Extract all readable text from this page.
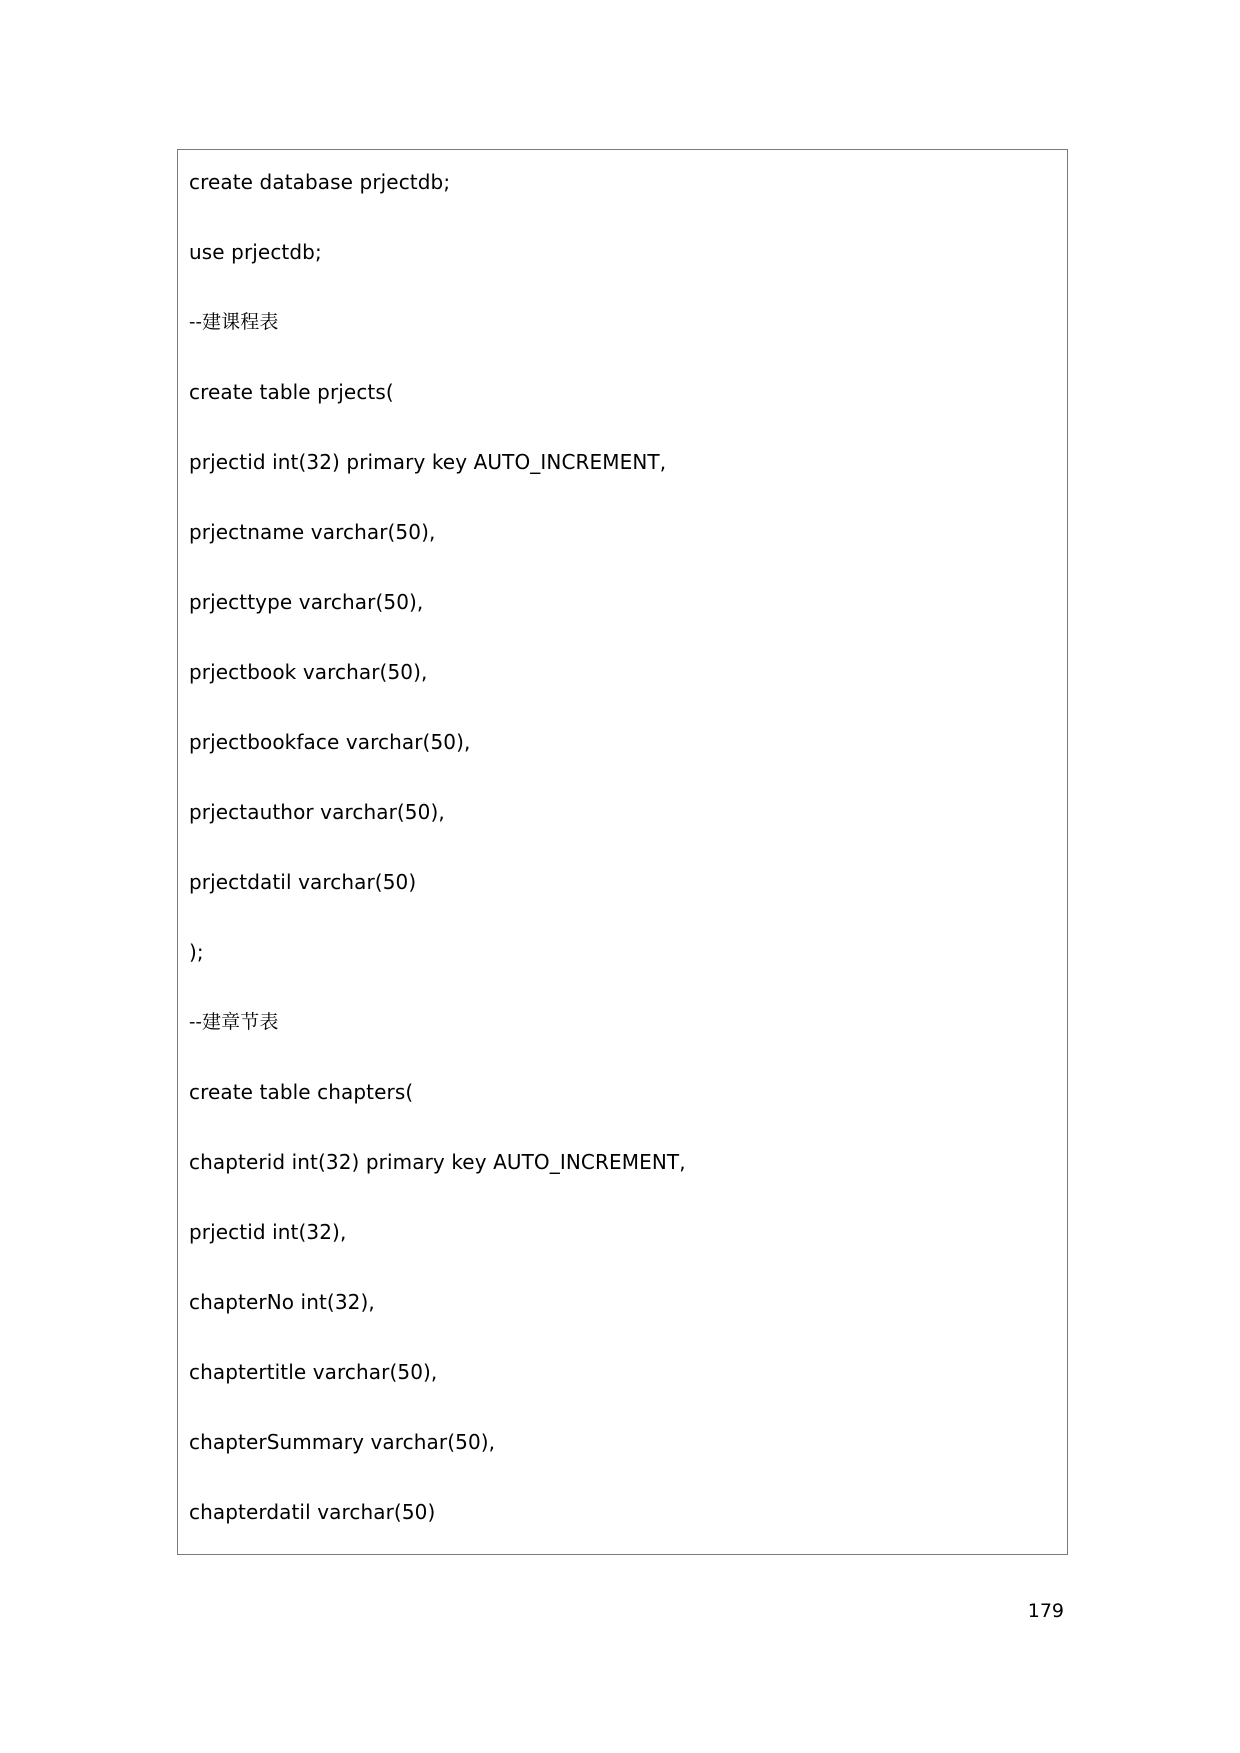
create database prjectdb;
use prjectdb;
--建课程表
create table prjects(
prjectid int(32) primary key AUTO_INCREMENT,
prjectname varchar(50),
prjecttype varchar(50),
prjectbook varchar(50),
prjectbookface varchar(50),
prjectauthor varchar(50),
prjectdatil varchar(50)
);
--建章节表
create table chapters(
chapterid int(32) primary key AUTO_INCREMENT,
prjectid int(32),
chapterNo int(32),
chaptertitle varchar(50),
chapterSummary varchar(50),
chapterdatil varchar(50)
179
